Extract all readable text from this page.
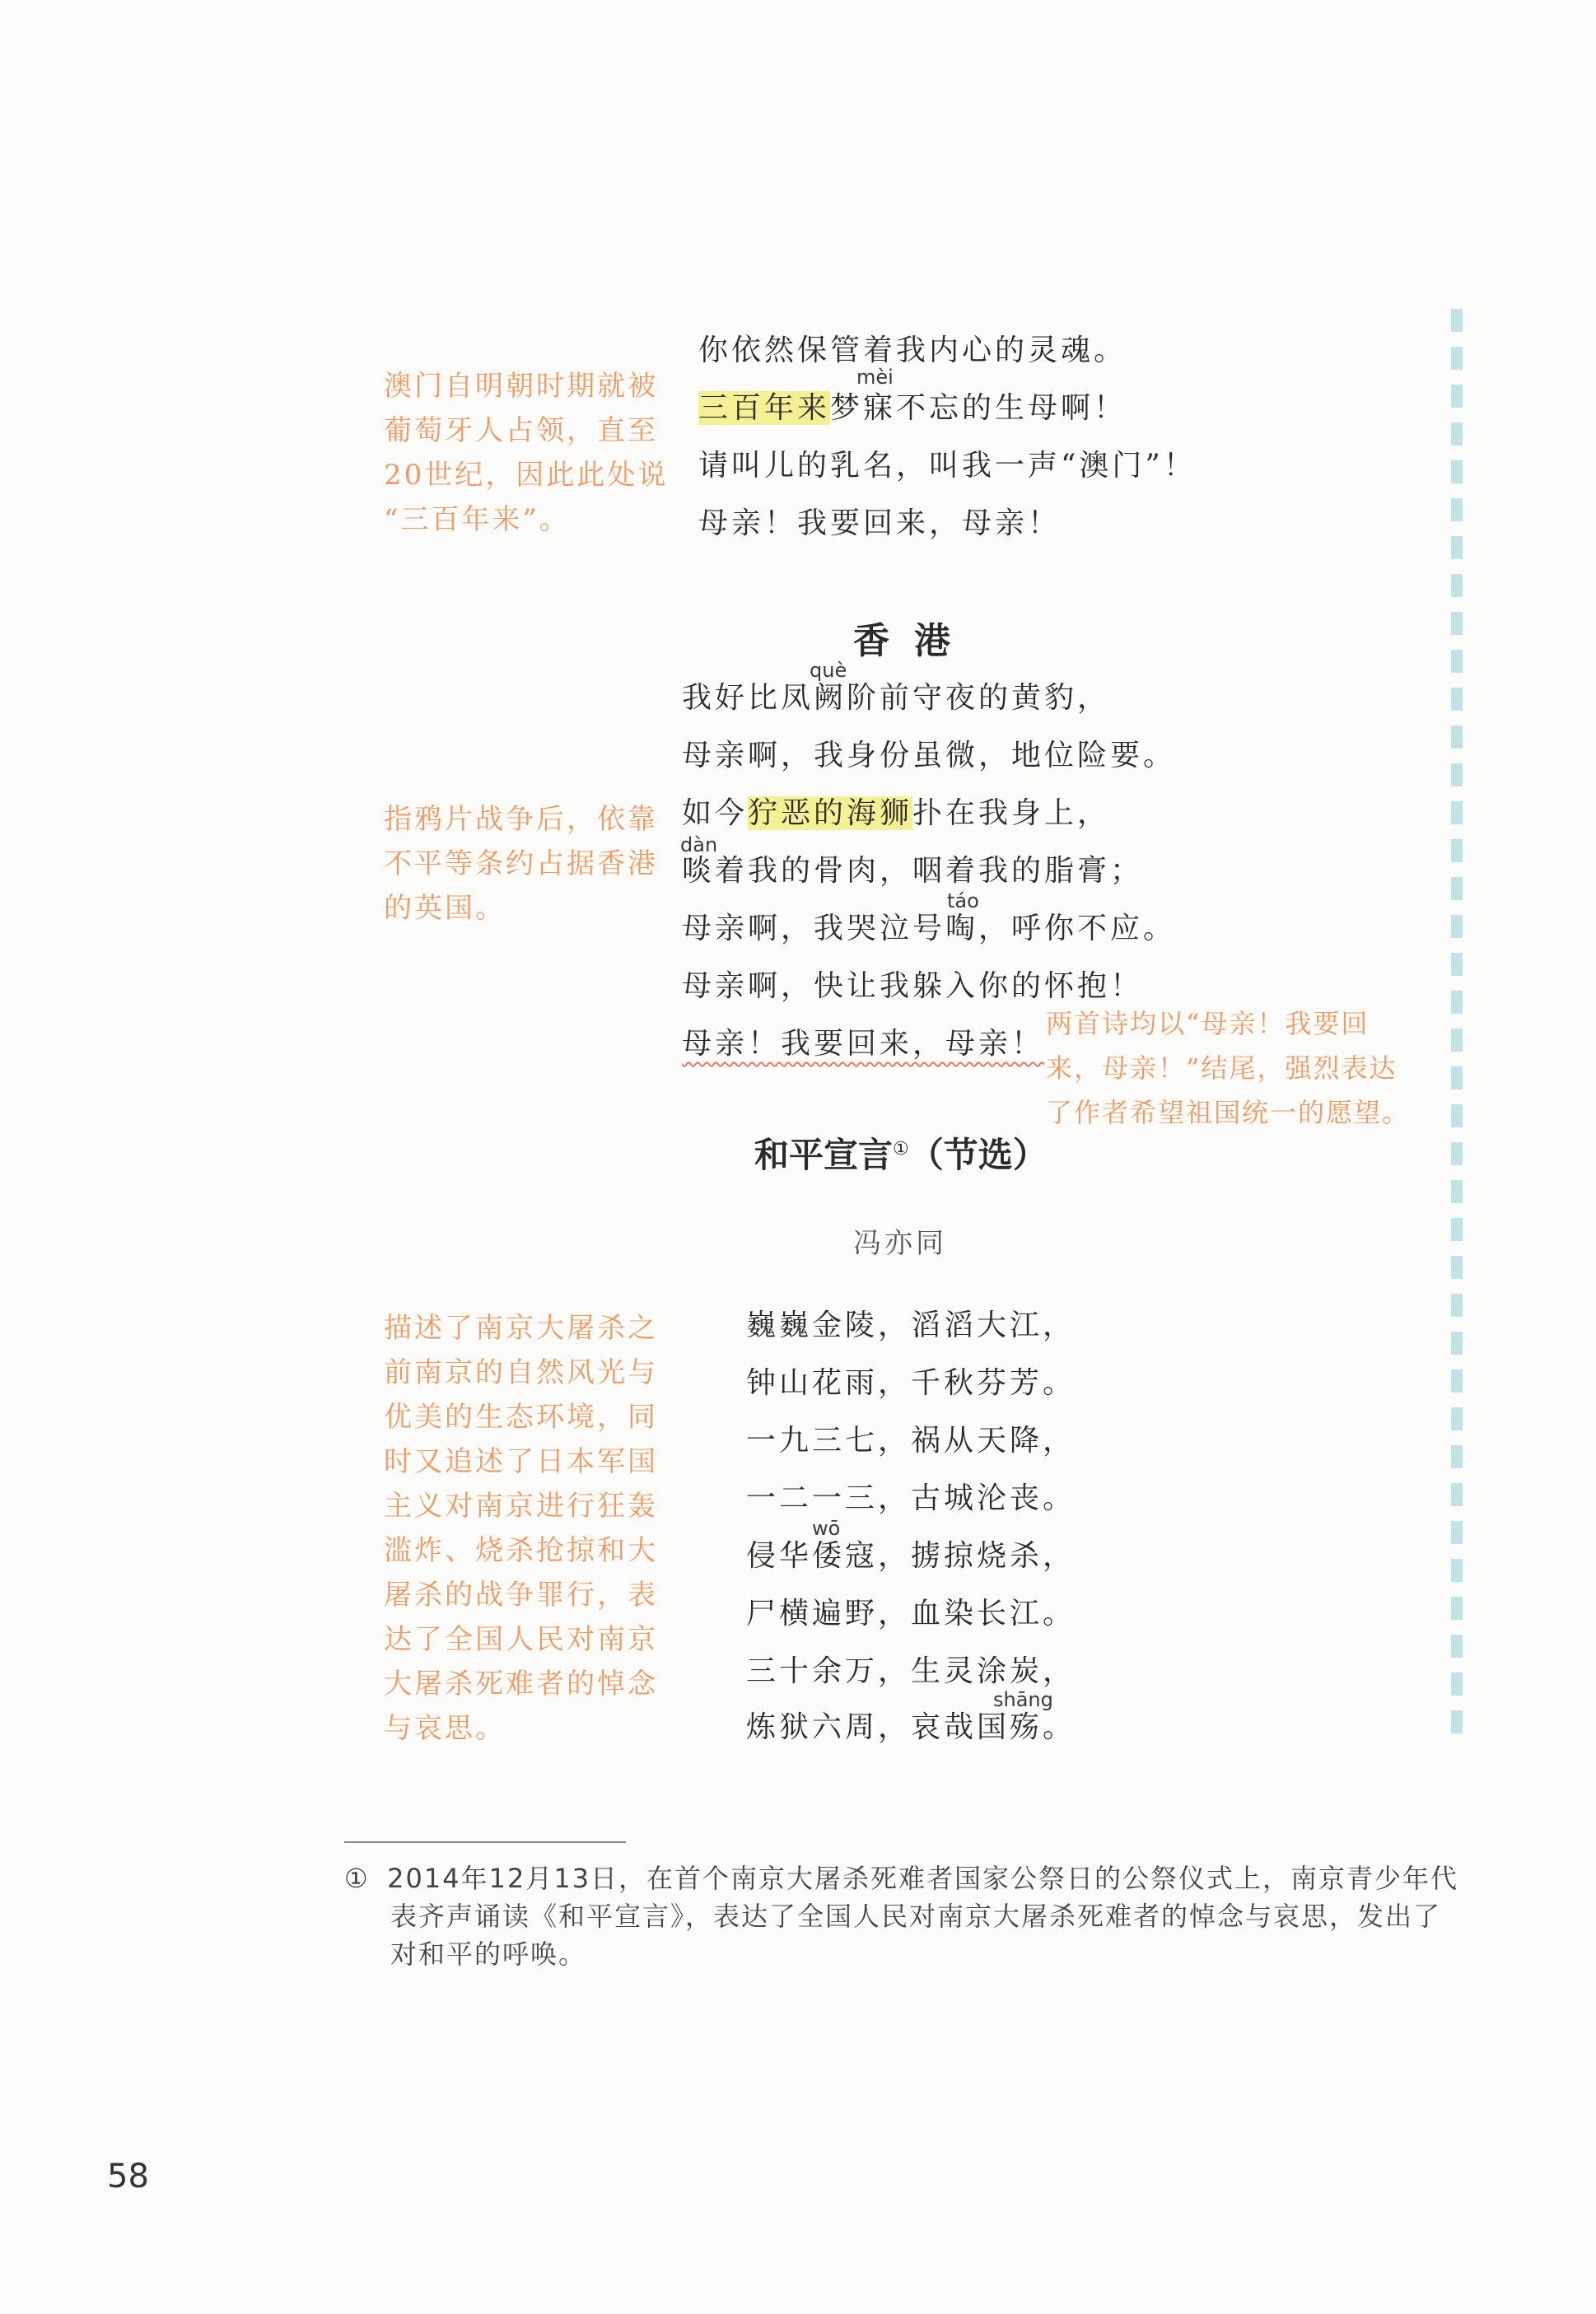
澳门自明朝时期就被
葡萄牙人占领，直至
20世纪，因此此处说
“三百年来”。
你依然保管着我内心的灵魂。
mèi
三百年来梦寐不忘的生母啊！
请叫儿的乳名，叫我一声“澳门”！
母亲！我要回来，母亲！
香港
què
我好比凤阙阶前守夜的黄豹，
母亲啊，我身份虽微，地位险要。
指鸦片战争后，依靠
不平等条约占据香港
的英国。
如今狞恶的海狮扑在我身上，
dàn
啖着我的骨肉，咽着我的脂膏；
táo
母亲啊，我哭泣号啕，呼你不应。
母亲啊，快让我躲入你的怀抱！
母亲！我要回来，母亲！
两首诗均以“母亲！我要回
来，母亲！”结尾，强烈表达
了作者希望祖国统一的愿望。
和平宣言①（节选）
冯亦同
描述了南京大屠杀之
前南京的自然风光与
优美的生态环境，同
时又追述了日本军国
主义对南京进行狂轰
滥炸、烧杀抢掠和大
屠杀的战争罪行，表
达了全国人民对南京
大屠杀死难者的悼念
与哀思。
巍巍金陵，滔滔大江，
钟山花雨，千秋芬芳。
一九三七，祸从天降，
一二一三，古城沦丧。
wō
侵华倭寇，掳掠烧杀，
尸横遍野，血染长江。
三十余万，生灵涂炭，
shāng
炼狱六周，哀哉国殇。
① 2014年12月13日，在首个南京大屠杀死难者国家公祭日的公祭仪式上，南京青少年代
表齐声诵读《和平宣言》，表达了全国人民对南京大屠杀死难者的悼念与哀思，发出了
对和平的呼唤。
58
